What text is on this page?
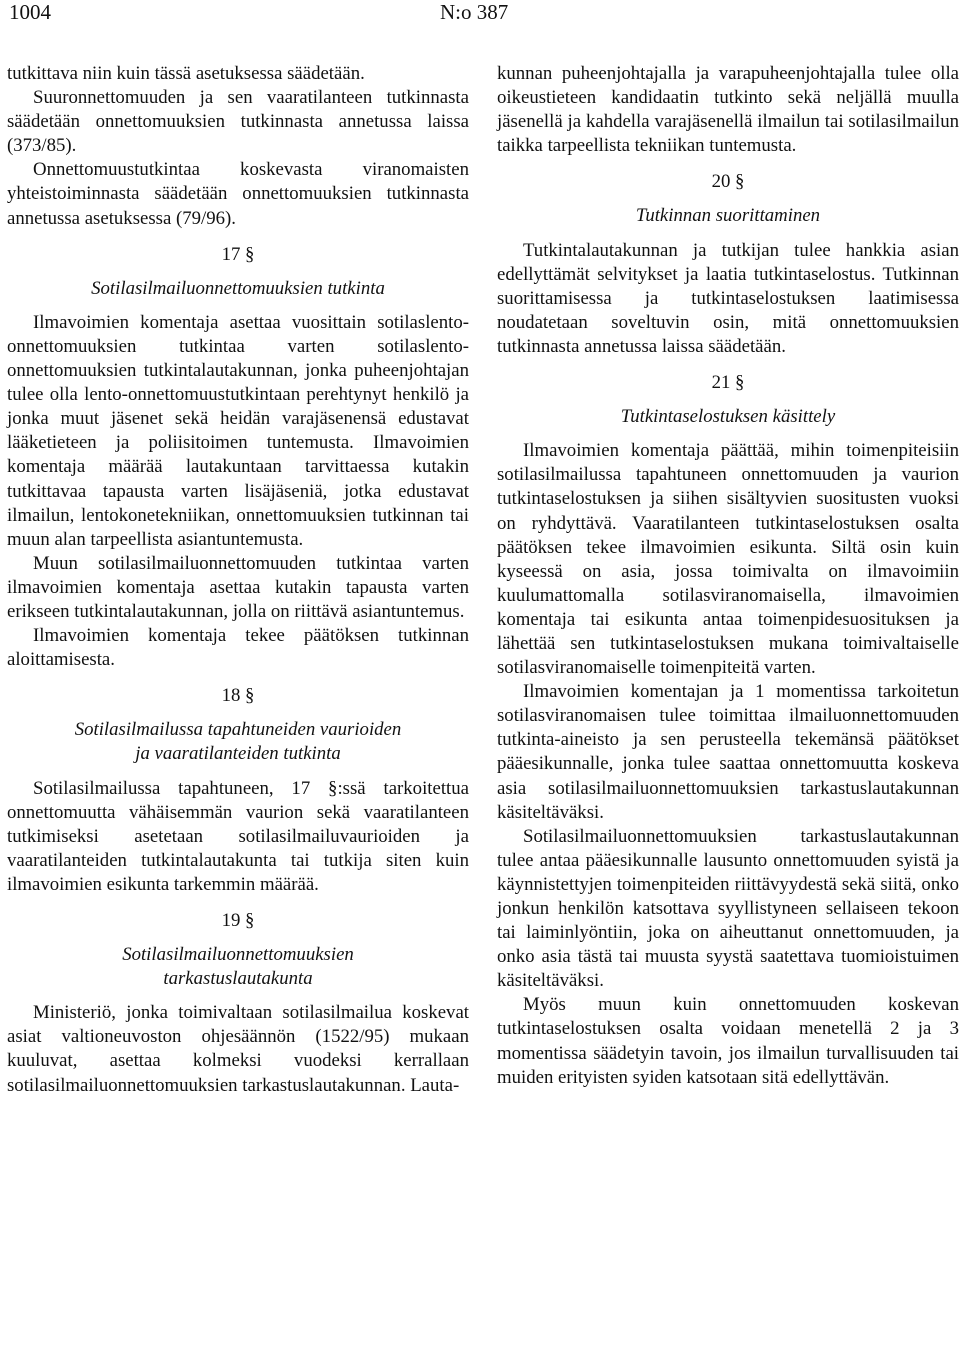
1004	N:o 387

tutkittava niin kuin tässä asetuksessa säädetään.

Suuronnettomuuden ja sen vaaratilanteen tutkinnasta säädetään onnettomuuksien tutkinnasta annetussa laissa (373/85).

Onnettomuustutkintaa koskevasta viranomaisten yhteistoiminnasta säädetään onnettomuuksien tutkinnasta annetussa asetuksessa (79/96).

17 §
Sotilasilmailuonnettomuuksien tutkinta

Ilmavoimien komentaja asettaa vuosittain sotilaslento-onnettomuuksien tutkintaa varten sotilaslento-onnettomuuksien tutkintalautakunnan, jonka puheenjohtajan tulee olla lento-onnettomuustutkintaan perehtynyt henkilö ja jonka muut jäsenet sekä heidän varajäsenensä edustavat lääketieteen ja poliisitoimen tuntemusta. Ilmavoimien komentaja määrää lautakuntaan tarvittaessa kutakin tutkittavaa tapausta varten lisäjäseniä, jotka edustavat ilmailun, lentokonetekniikan, onnettomuuksien tutkinnan tai muun alan tarpeellista asiantuntemusta.

Muun sotilasilmailuonnettomuuden tutkintaa varten ilmavoimien komentaja asettaa kutakin tapausta varten erikseen tutkintalautakunnan, jolla on riittävä asiantuntemus.

Ilmavoimien komentaja tekee päätöksen tutkinnan aloittamisesta.

18 §
Sotilasilmailussa tapahtuneiden vaurioiden
ja vaaratilanteiden tutkinta

Sotilasilmailussa tapahtuneen, 17 §:ssä tarkoitettua onnettomuutta vähäisemmän vaurion sekä vaaratilanteen tutkimiseksi asetetaan sotilasilmailuvaurioiden ja vaaratilanteiden tutkintalautakunta tai tutkija siten kuin ilmavoimien esikunta tarkemmin määrää.

19 §
Sotilasilmailuonnettomuuksien
tarkastuslautakunta

Ministeriö, jonka toimivaltaan sotilasilmailua koskevat asiat valtioneuvoston ohjesäännön (1522/95) mukaan kuuluvat, asettaa kolmeksi vuodeksi kerrallaan sotilasilmailuonnettomuuksien tarkastuslautakunnan. Lauta-

kunnan puheenjohtajalla ja varapuheenjohtajalla tulee olla oikeustieteen kandidaatin tutkinto sekä neljällä muulla jäsenellä ja kahdella varajäsenellä ilmailun tai sotilasilmailun taikka tarpeellista tekniikan tuntemusta.

20 §
Tutkinnan suorittaminen

Tutkintalautakunnan ja tutkijan tulee hankkia asian edellyttämät selvitykset ja laatia tutkintaselostus. Tutkinnan suorittamisessa ja tutkintaselostuksen laatimisessa noudatetaan soveltuvin osin, mitä onnettomuuksien tutkinnasta annetussa laissa säädetään.

21 §
Tutkintaselostuksen käsittely

Ilmavoimien komentaja päättää, mihin toimenpiteisiin sotilasilmailussa tapahtuneen onnettomuuden ja vaurion tutkintaselostuksen ja siihen sisältyvien suositusten vuoksi on ryhdyttävä. Vaaratilanteen tutkintaselostuksen osalta päätöksen tekee ilmavoimien esikunta. Siltä osin kuin kyseessä on asia, jossa toimivalta on ilmavoimiin kuulumattomalla sotilasviranomaisella, ilmavoimien komentaja tai esikunta antaa toimenpidesuosituksen ja lähettää sen tutkintaselostuksen mukana toimivaltaiselle sotilasviranomaiselle toimenpiteitä varten.

Ilmavoimien komentajan ja 1 momentissa tarkoitetun sotilasviranomaisen tulee toimittaa ilmailuonnettomuuden tutkinta-aineisto ja sen perusteella tekemänsä päätökset pääesikunnalle, jonka tulee saattaa onnettomuutta koskeva asia sotilasilmailuonnettomuuksien tarkastuslautakunnan käsiteltäväksi.

Sotilasilmailuonnettomuuksien tarkastuslautakunnan tulee antaa pääesikunnalle lausunto onnettomuuden syistä ja käynnistettyjen toimenpiteiden riittävyydestä sekä siitä, onko jonkun henkilön katsottava syyllistyneen sellaiseen tekoon tai laiminlyöntiin, joka on aiheuttanut onnettomuuden, ja onko asia tästä tai muusta syystä saatettava tuomioistuimen käsiteltäväksi.

Myös muun kuin onnettomuuden koskevan tutkintaselostuksen osalta voidaan menetellä 2 ja 3 momentissa säädetyin tavoin, jos ilmailun turvallisuuden tai muiden erityisten syiden katsotaan sitä edellyttävän.
